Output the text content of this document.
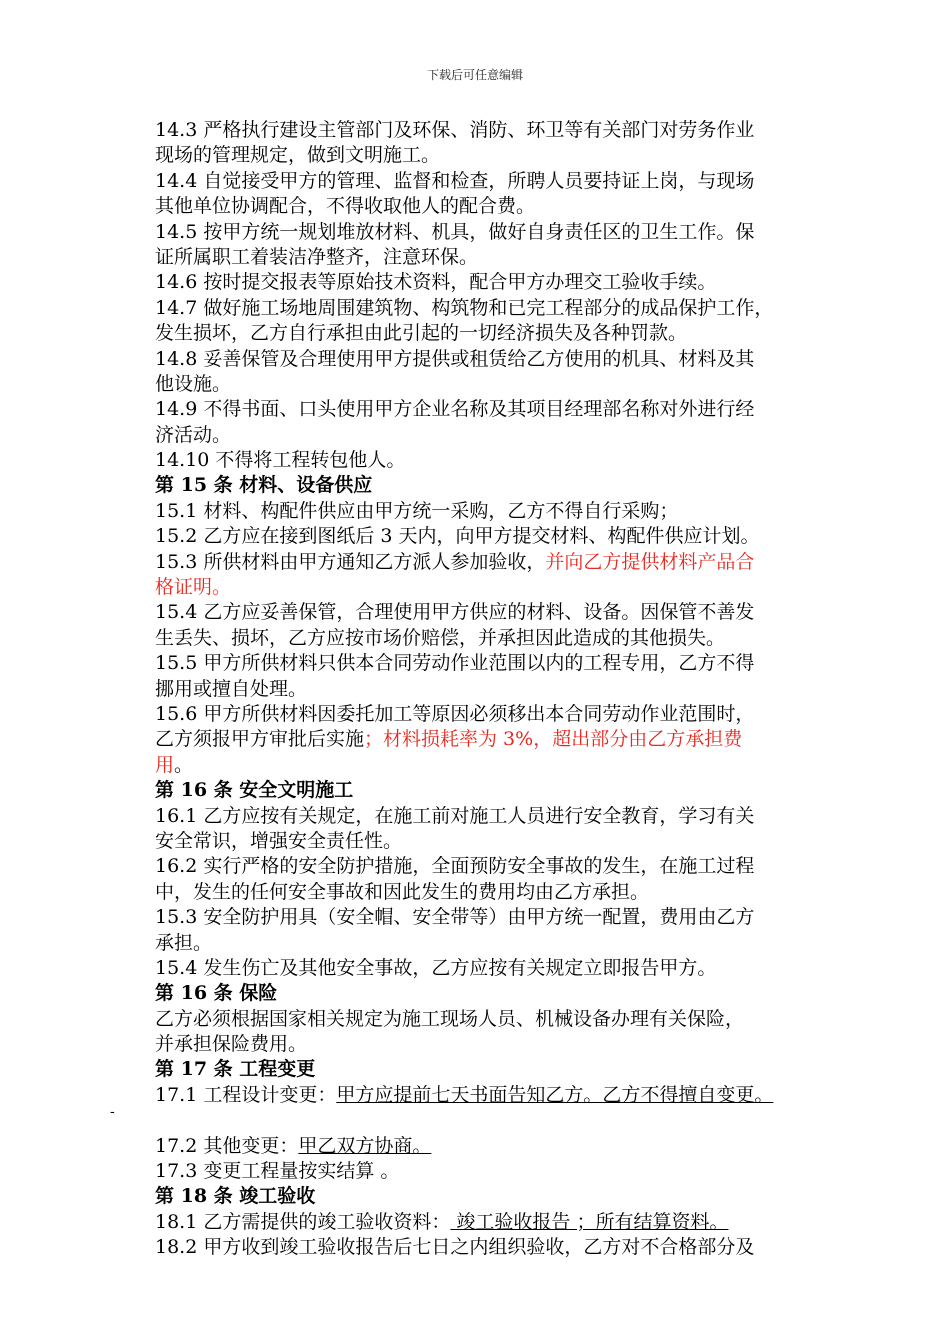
下载后可任意编辑
-
14.3 严格执行建设主管部门及环保、消防、环卫等有关部门对劳务作业
现场的管理规定，做到文明施工。
14.4 自觉接受甲方的管理、监督和检查，所聘人员要持证上岗，与现场
其他单位协调配合，不得收取他人的配合费。
14.5 按甲方统一规划堆放材料、机具，做好自身责任区的卫生工作。保
证所属职工着装洁净整齐，注意环保。
14.6 按时提交报表等原始技术资料，配合甲方办理交工验收手续。
14.7 做好施工场地周围建筑物、构筑物和已完工程部分的成品保护工作，
发生损坏，乙方自行承担由此引起的一切经济损失及各种罚款。
14.8 妥善保管及合理使用甲方提供或租赁给乙方使用的机具、材料及其
他设施。
14.9 不得书面、口头使用甲方企业名称及其项目经理部名称对外进行经
济活动。
14.10 不得将工程转包他人。
第 15 条 材料、设备供应
15.1 材料、构配件供应由甲方统一采购，乙方不得自行采购；
15.2 乙方应在接到图纸后 3 天内，向甲方提交材料、构配件供应计划。
15.3 所供材料由甲方通知乙方派人参加验收，并向乙方提供材料产品合
格证明。
15.4 乙方应妥善保管，合理使用甲方供应的材料、设备。因保管不善发
生丢失、损坏，乙方应按市场价赔偿，并承担因此造成的其他损失。
15.5 甲方所供材料只供本合同劳动作业范围以内的工程专用，乙方不得
挪用或擅自处理。
15.6 甲方所供材料因委托加工等原因必须移出本合同劳动作业范围时，
乙方须报甲方审批后实施；材料损耗率为 3%，超出部分由乙方承担费
用。
第 16 条 安全文明施工
16.1 乙方应按有关规定，在施工前对施工人员进行安全教育，学习有关
安全常识，增强安全责任性。
16.2 实行严格的安全防护措施，全面预防安全事故的发生，在施工过程
中，发生的任何安全事故和因此发生的费用均由乙方承担。
15.3 安全防护用具（安全帽、安全带等）由甲方统一配置，费用由乙方
承担。
15.4 发生伤亡及其他安全事故，乙方应按有关规定立即报告甲方。
第 16 条 保险
乙方必须根据国家相关规定为施工现场人员、机械设备办理有关保险，
并承担保险费用。
第 17 条 工程变更
17.1 工程设计变更：甲方应提前七天书面告知乙方。乙方不得擅自变更。
17.2 其他变更：甲乙双方协商。
17.3 变更工程量按实结算 。
第 18 条 竣工验收
18.1 乙方需提供的竣工验收资料： 竣工验收报告 ；所有结算资料。
18.2 甲方收到竣工验收报告后七日之内组织验收，乙方对不合格部分及
